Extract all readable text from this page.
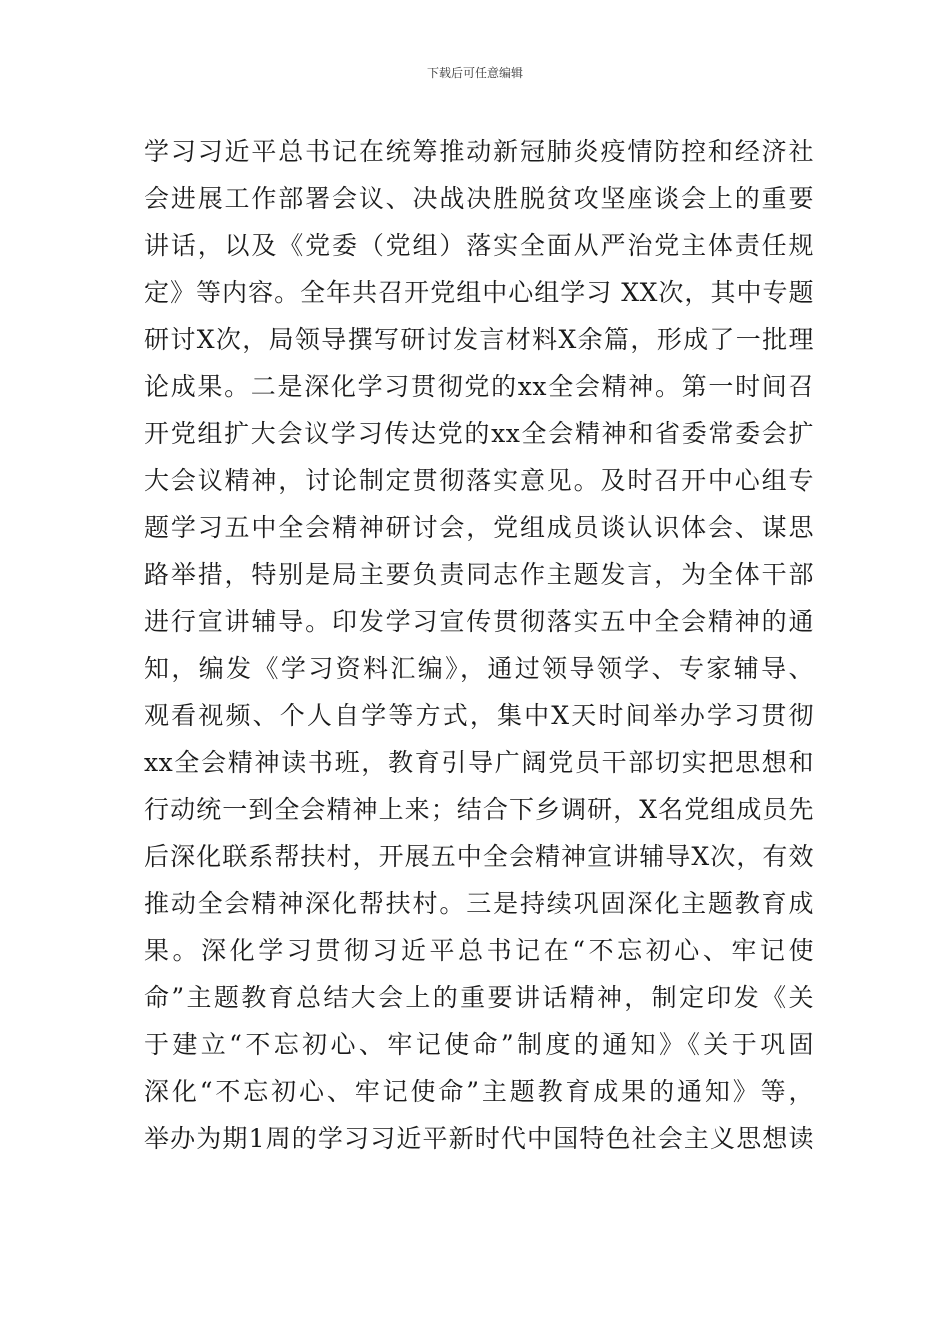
下载后可任意编辑
学习习近平总书记在统筹推动新冠肺炎疫情防控和经济社
会进展工作部署会议、决战决胜脱贫攻坚座谈会上的重要
讲话，以及《党委（党组）落实全面从严治党主体责任规
定》等内容。全年共召开党组中心组学习 XX次，其中专题
研讨X次，局领导撰写研讨发言材料X余篇，形成了一批理
论成果。二是深化学习贯彻党的xx全会精神。第一时间召
开党组扩大会议学习传达党的xx全会精神和省委常委会扩
大会议精神，讨论制定贯彻落实意见。及时召开中心组专
题学习五中全会精神研讨会，党组成员谈认识体会、谋思
路举措，特别是局主要负责同志作主题发言，为全体干部
进行宣讲辅导。印发学习宣传贯彻落实五中全会精神的通
知，编发《学习资料汇编》，通过领导领学、专家辅导、
观看视频、个人自学等方式，集中X天时间举办学习贯彻
xx全会精神读书班，教育引导广阔党员干部切实把思想和
行动统一到全会精神上来；结合下乡调研，X名党组成员先
后深化联系帮扶村，开展五中全会精神宣讲辅导X次，有效
推动全会精神深化帮扶村。三是持续巩固深化主题教育成
果。深化学习贯彻习近平总书记在“不忘初心、牢记使
命”主题教育总结大会上的重要讲话精神，制定印发《关
于建立“不忘初心、牢记使命”制度的通知》《关于巩固
深化“不忘初心、牢记使命”主题教育成果的通知》等，
举办为期1周的学习习近平新时代中国特色社会主义思想读
